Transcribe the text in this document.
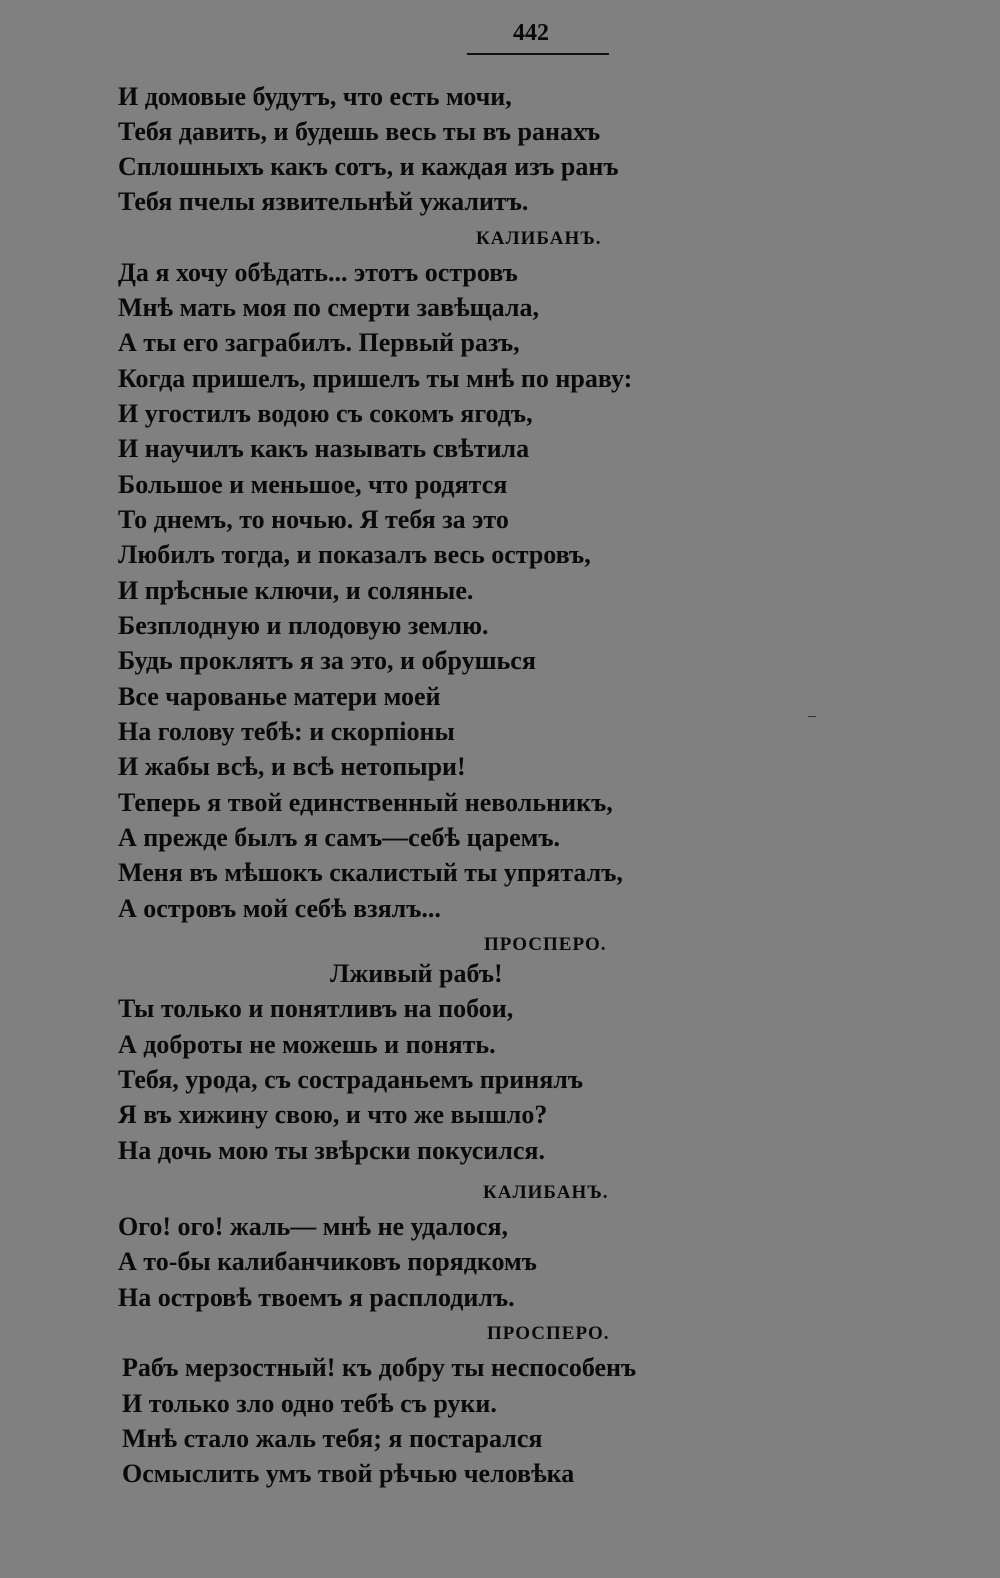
442
И домовые будутъ, что есть мочи,
Тебя давить, и будешь весь ты въ ранахъ
Сплошныхъ какъ сотъ, и каждая изъ ранъ
Тебя пчелы язвительнѣй ужалитъ.
КАЛИБАНЪ.
Да я хочу обѣдать... этотъ островъ
Мнѣ мать моя по смерти завѣщала,
А ты его заграбилъ. Первый разъ,
Когда пришелъ, пришелъ ты мнѣ по нраву:
И угостилъ водою съ сокомъ ягодъ,
И научилъ какъ называть свѣтила
Большое и меньшое, что родятся
То днемъ, то ночью. Я тебя за это
Любилъ тогда, и показалъ весь островъ,
И прѣсные ключи, и соляные.
Безплодную и плодовую землю.
Будь проклятъ я за это, и обрушься
Все чарованье матери моей
На голову тебѣ: и скорпіоны
И жабы всѣ, и всѣ нетопыри!
Теперь я твой единственный невольникъ,
А прежде былъ я самъ—себѣ царемъ.
Меня въ мѣшокъ скалистый ты упряталъ,
А островъ мой себѣ взялъ...
ПРОСПЕРО.
Лживый рабъ!
Ты только и понятливъ на побои,
А доброты не можешь и понять.
Тебя, урода, съ состраданьемъ принялъ
Я въ хижину свою, и что же вышло?
На дочь мою ты звѣрски покусился.
КАЛИБАНЪ.
Ого! ого! жаль— мнѣ не удалося,
А то-бы калибанчиковъ порядкомъ
На островѣ твоемъ я расплодилъ.
ПРОСПЕРО.
Рабъ мерзостный! къ добру ты неспособенъ
И только зло одно тебѣ съ руки.
Мнѣ стало жаль тебя; я постарался
Осмыслить умъ твой рѣчью человѣка
